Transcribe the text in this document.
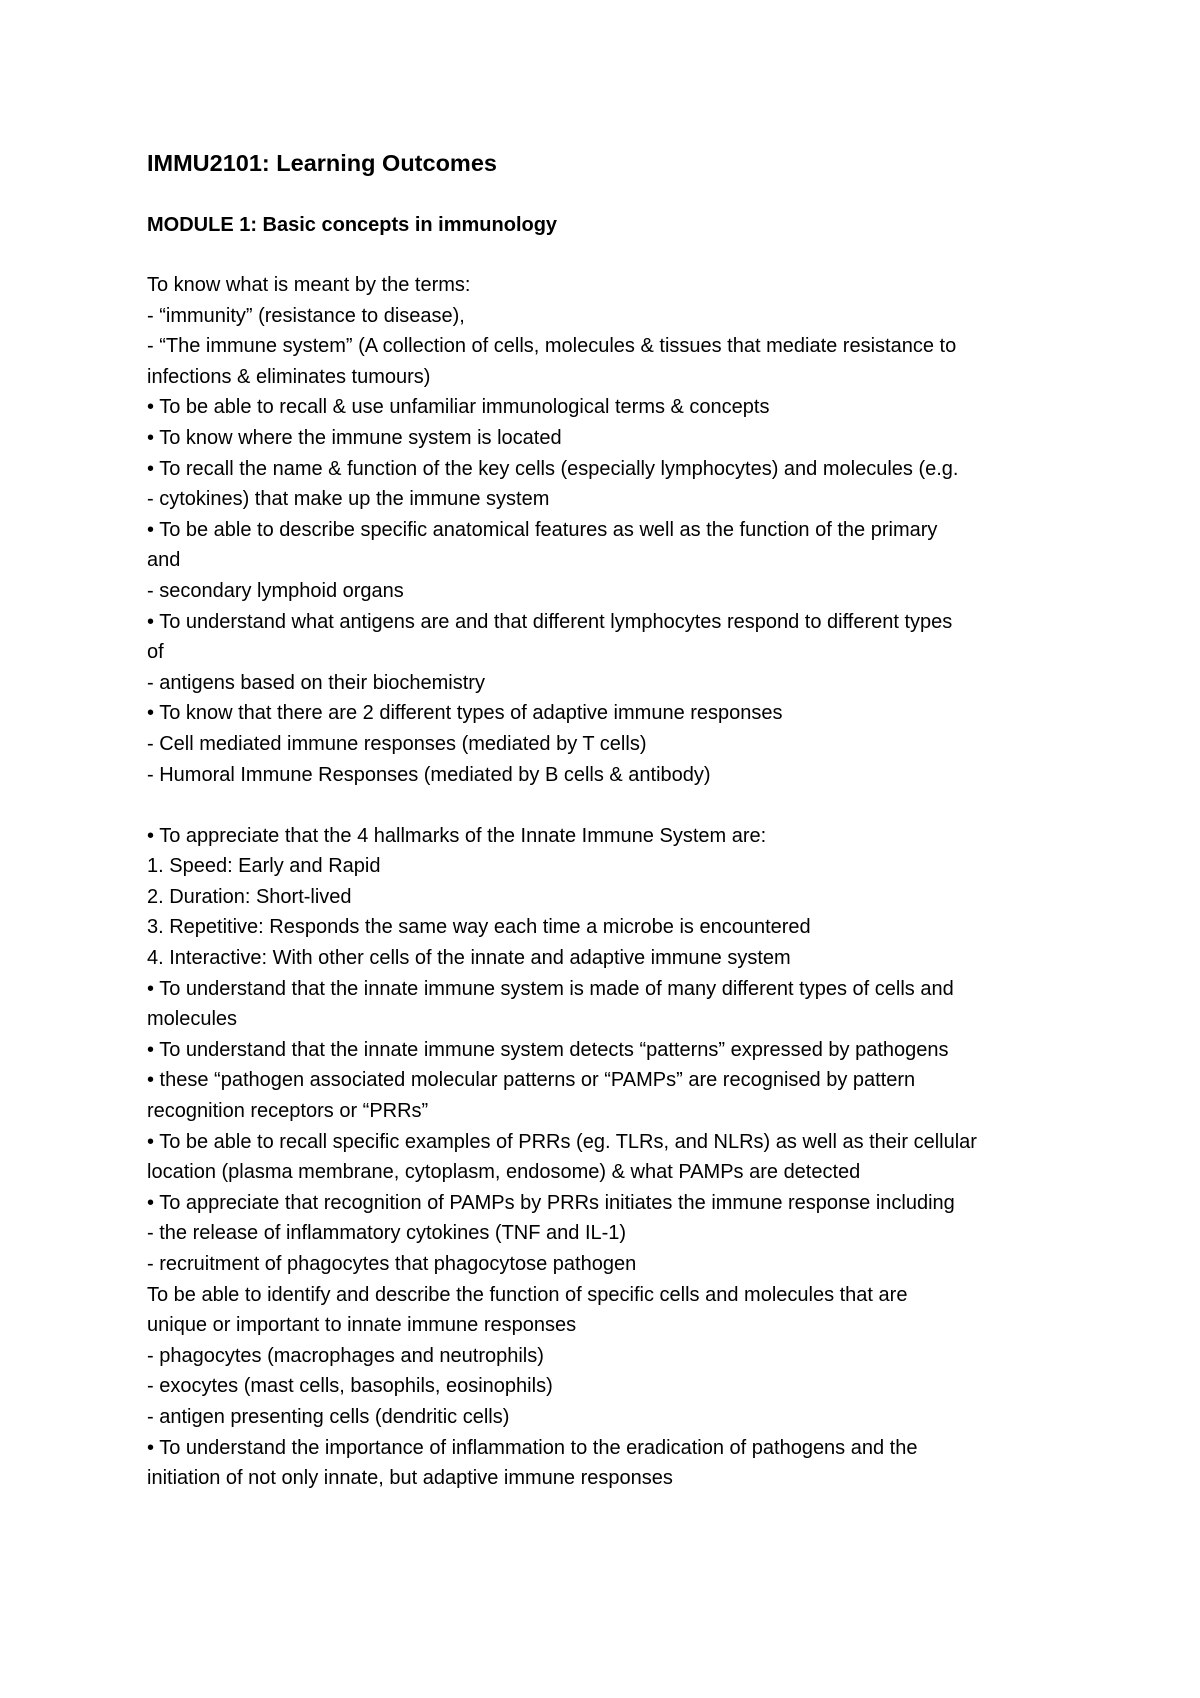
IMMU2101: Learning Outcomes
MODULE 1: Basic concepts in immunology
To know what is meant by the terms:
- “immunity” (resistance to disease),
- “The immune system” (A collection of cells, molecules & tissues that mediate resistance to
infections & eliminates tumours)
• To be able to recall & use unfamiliar immunological terms & concepts
• To know where the immune system is located
• To recall the name & function of the key cells (especially lymphocytes) and molecules (e.g.
- cytokines) that make up the immune system
• To be able to describe specific anatomical features as well as the function of the primary
and
- secondary lymphoid organs
• To understand what antigens are and that different lymphocytes respond to different types
of
- antigens based on their biochemistry
• To know that there are 2 different types of adaptive immune responses
- Cell mediated immune responses (mediated by T cells)
- Humoral Immune Responses (mediated by B cells & antibody)
• To appreciate that the 4 hallmarks of the Innate Immune System are:
1. Speed: Early and Rapid
2. Duration: Short-lived
3. Repetitive: Responds the same way each time a microbe is encountered
4. Interactive: With other cells of the innate and adaptive immune system
• To understand that the innate immune system is made of many different types of cells and
molecules
• To understand that the innate immune system detects “patterns” expressed by pathogens
• these “pathogen associated molecular patterns or “PAMPs” are recognised by pattern
recognition receptors or “PRRs”
• To be able to recall specific examples of PRRs (eg. TLRs, and NLRs) as well as their cellular
location (plasma membrane, cytoplasm, endosome) & what PAMPs are detected
• To appreciate that recognition of PAMPs by PRRs initiates the immune response including
- the release of inflammatory cytokines (TNF and IL-1)
- recruitment of phagocytes that phagocytose pathogen
To be able to identify and describe the function of specific cells and molecules that are
unique or important to innate immune responses
- phagocytes (macrophages and neutrophils)
- exocytes (mast cells, basophils, eosinophils)
- antigen presenting cells (dendritic cells)
• To understand the importance of inflammation to the eradication of pathogens and the
initiation of not only innate, but adaptive immune responses
